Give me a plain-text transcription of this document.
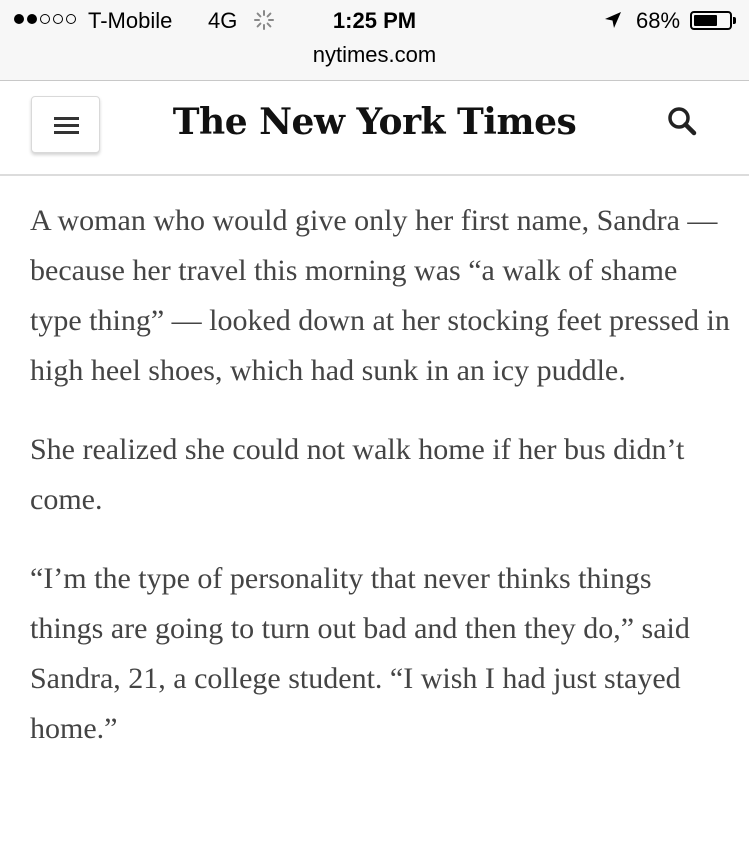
T-Mobile 4G	1:25 PM	68%
nytimes.com
The New York Times

A woman who would give only her first name, Sandra — because her travel this morning was “a walk of shame type thing” — looked down at her stocking feet pressed in high heel shoes, which had sunk in an icy puddle.

She realized she could not walk home if her bus didn’t come.

“I’m the type of personality that never thinks things things are going to turn out bad and then they do,” said Sandra, 21, a college student. “I wish I had just stayed home.”
